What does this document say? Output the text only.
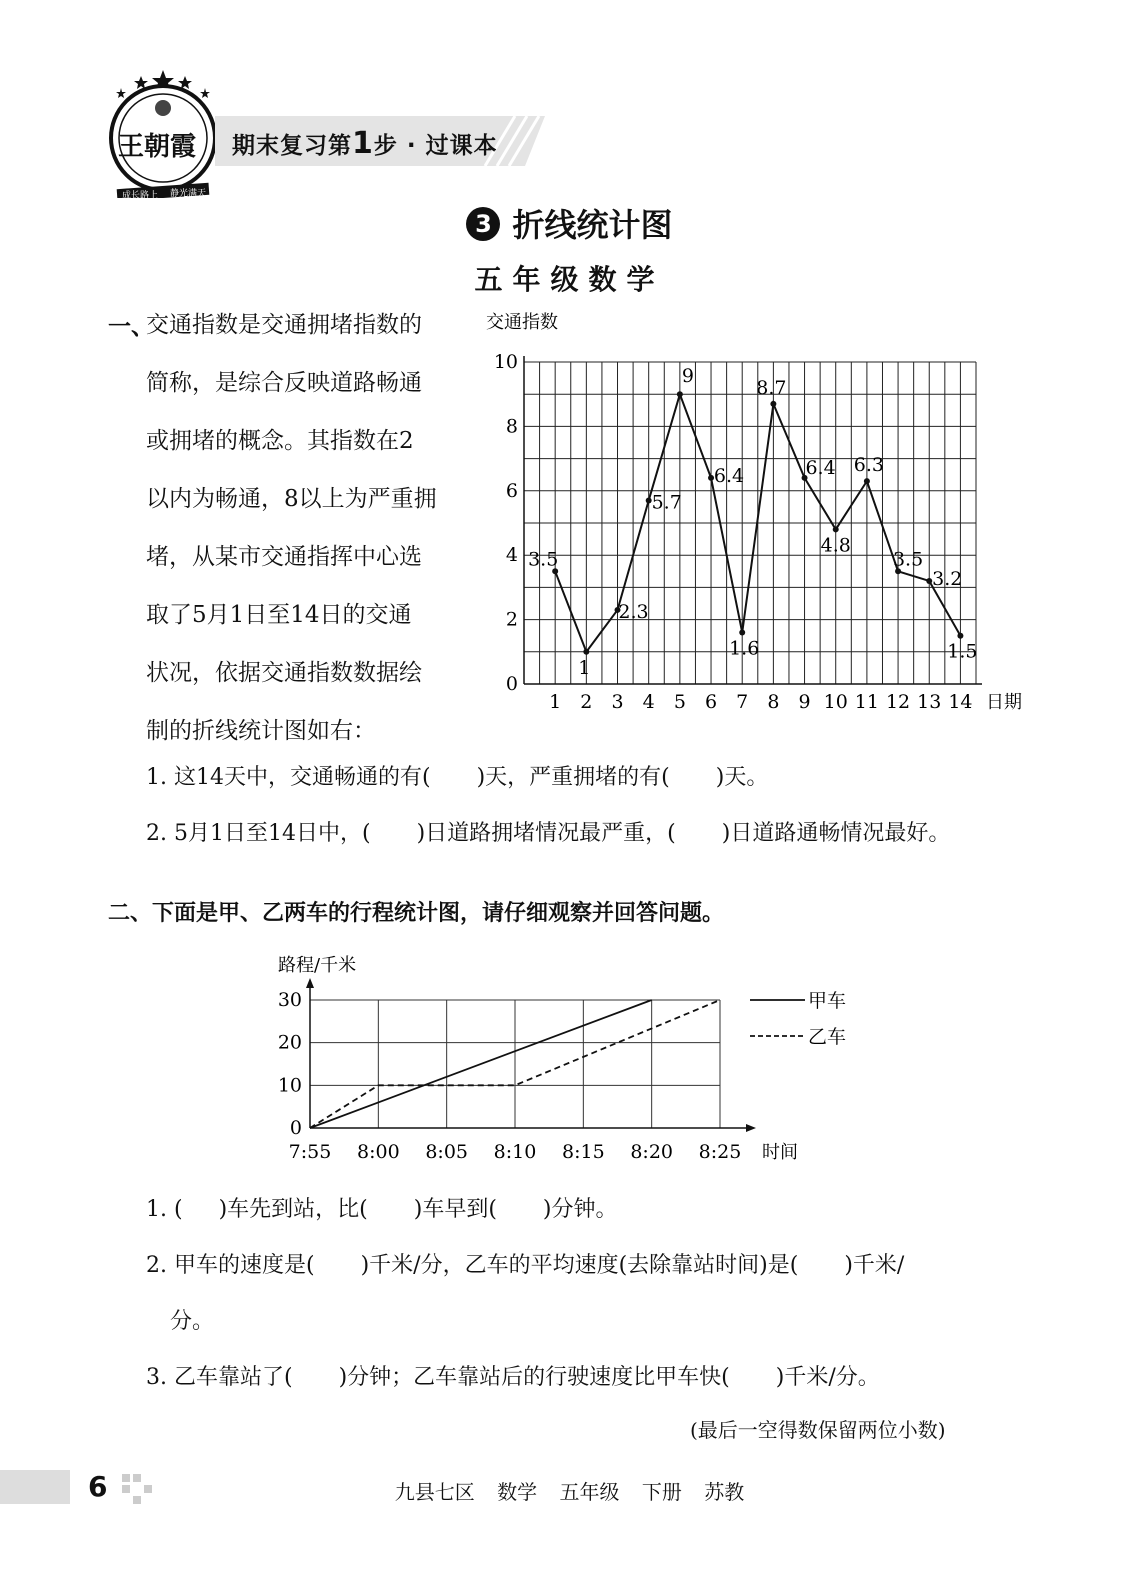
王朝霞
成长路上 静光满天
期末复习第1步 · 过课本
3 折线统计图
五年级数学
一、
交通指数是交通拥堵指数的
简称，是综合反映道路畅通
或拥堵的概念。其指数在2
以内为畅通，8以上为严重拥
堵，从某市交通指挥中心选
取了5月1日至14日的交通
状况，依据交通指数数据绘
制的折线统计图如右：
0
2
4
6
8
10
1 2 3 4 5 6 7 8 9 10 11 12 13 14 日期
交通指数
3.5
1
2.3
5.7
9
6.4
1.6
8.7
6.4
4.8
6.3
3.5
3.2
1.5
1. 这14天中，交通畅通的有( )天，严重拥堵的有( )天。
2. 5月1日至14日中，( )日道路拥堵情况最严重，( )日道路通畅情况最好。
二、下面是甲、乙两车的行程统计图，请仔细观察并回答问题。
0
10
20
30
7:55 8:00 8:05 8:10 8:15 8:20 8:25 时间
路程/千米
甲车
乙车
1. ( )车先到站，比( )车早到( )分钟。
2. 甲车的速度是( )千米/分，乙车的平均速度(去除靠站时间)是( )千米/
分。
3. 乙车靠站了( )分钟；乙车靠站后的行驶速度比甲车快( )千米/分。
(最后一空得数保留两位小数)
6	九县七区 数学 五年级 下册 苏教
